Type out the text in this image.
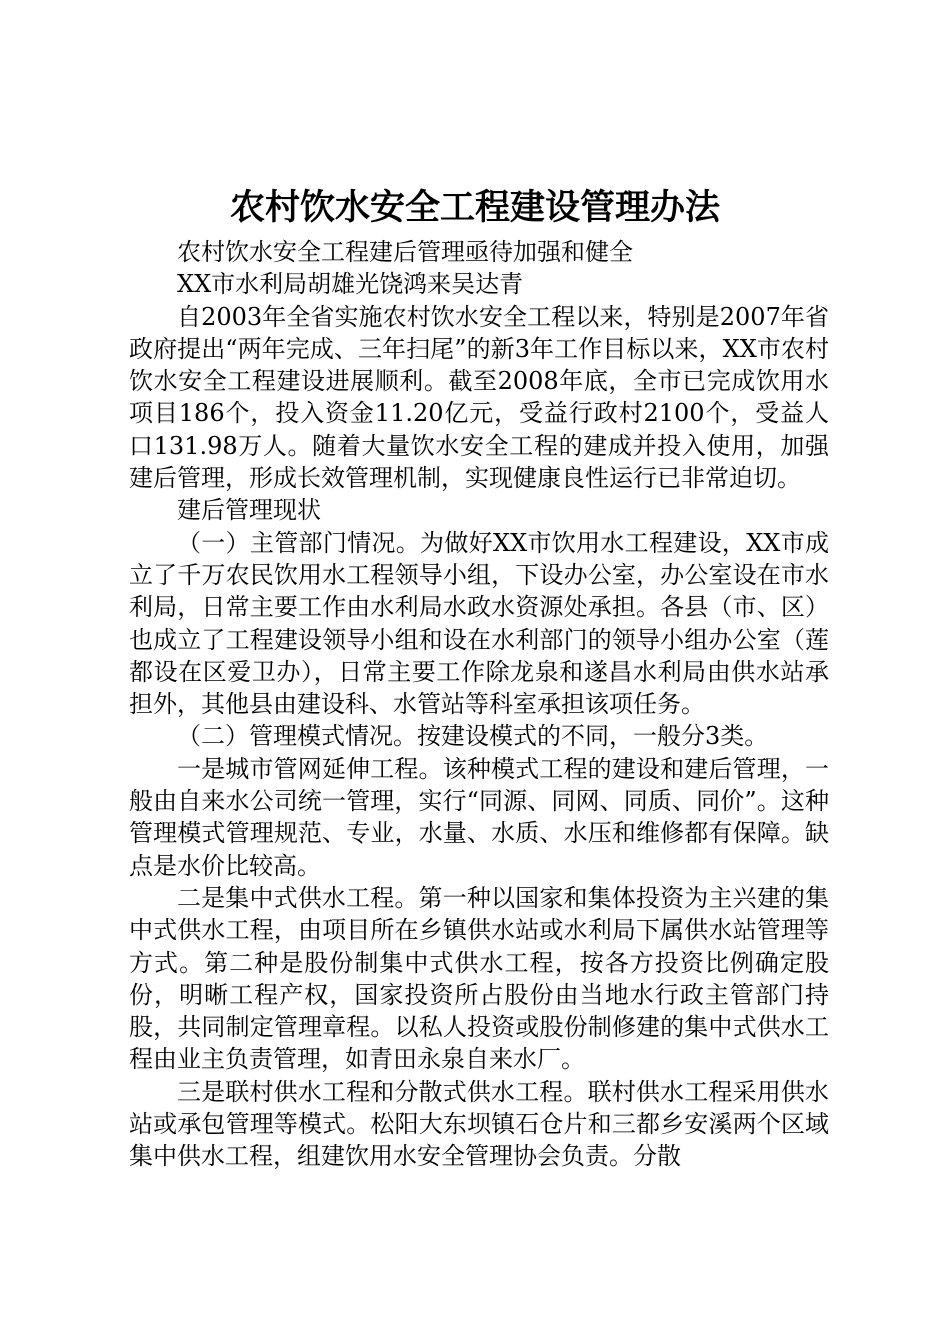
农村饮水安全工程建设管理办法

农村饮水安全工程建后管理亟待加强和健全

XX市水利局胡雄光饶鸿来吴达青

自2003年全省实施农村饮水安全工程以来，特别是2007年省政府提出“两年完成、三年扫尾”的新3年工作目标以来，XX市农村饮水安全工程建设进展顺利。截至2008年底，全市已完成饮用水项目186个，投入资金11.20亿元，受益行政村2100个，受益人口131.98万人。随着大量饮水安全工程的建成并投入使用，加强建后管理，形成长效管理机制，实现健康良性运行已非常迫切。

建后管理现状

（一）主管部门情况。为做好XX市饮用水工程建设，XX市成立了千万农民饮用水工程领导小组，下设办公室，办公室设在市水利局，日常主要工作由水利局水政水资源处承担。各县（市、区）也成立了工程建设领导小组和设在水利部门的领导小组办公室（莲都设在区爱卫办），日常主要工作除龙泉和遂昌水利局由供水站承担外，其他县由建设科、水管站等科室承担该项任务。

（二）管理模式情况。按建设模式的不同，一般分3类。

一是城市管网延伸工程。该种模式工程的建设和建后管理，一般由自来水公司统一管理，实行“同源、同网、同质、同价”。这种管理模式管理规范、专业，水量、水质、水压和维修都有保障。缺点是水价比较高。

二是集中式供水工程。第一种以国家和集体投资为主兴建的集中式供水工程，由项目所在乡镇供水站或水利局下属供水站管理等方式。第二种是股份制集中式供水工程，按各方投资比例确定股份，明晰工程产权，国家投资所占股份由当地水行政主管部门持股，共同制定管理章程。以私人投资或股份制修建的集中式供水工程由业主负责管理，如青田永泉自来水厂。

三是联村供水工程和分散式供水工程。联村供水工程采用供水站或承包管理等模式。松阳大东坝镇石仓片和三都乡安溪两个区域集中供水工程，组建饮用水安全管理协会负责。分散
